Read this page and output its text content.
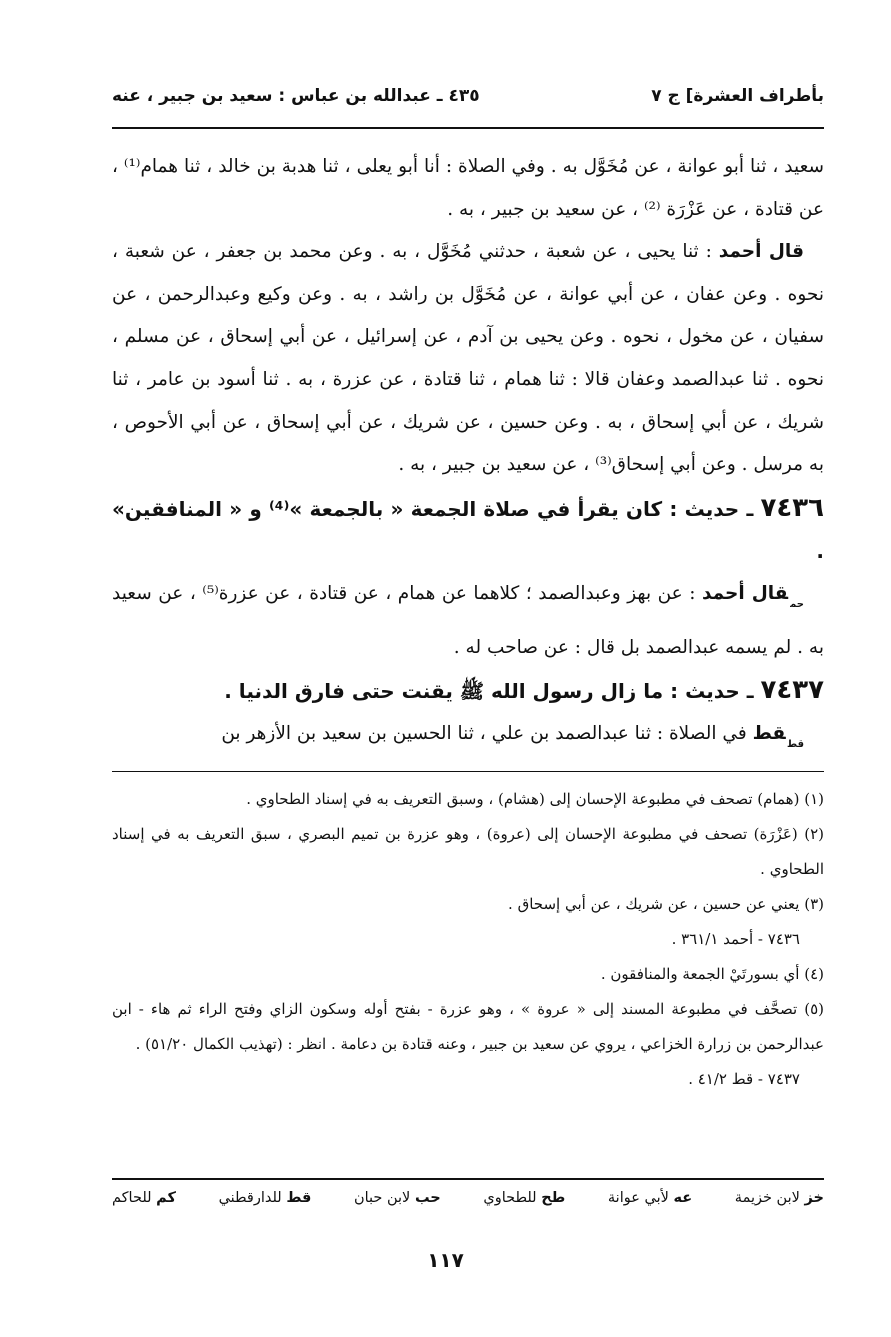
بأطراف العشرة] ج ٧
٤٣٥ ـ عبدالله بن عباس : سعيد بن جبير ، عنه

سعيد ، ثنا أبو عوانة ، عن مُخَوَّل به . وفي الصلاة : أنا أبو يعلى ، ثنا هدبة بن خالد ، ثنا همام⁽¹⁾ ، عن قتادة ، عن عَزْرَة ⁽²⁾ ، عن سعيد بن جبير ، به .

قال أحمد : ثنا يحيى ، عن شعبة ، حدثني مُخَوَّل ، به . وعن محمد بن جعفر ، عن شعبة ، نحوه . وعن عفان ، عن أبي عوانة ، عن مُخَوَّل بن راشد ، به . وعن وكيع وعبدالرحمن ، عن سفيان ، عن مخول ، نحوه . وعن يحيى بن آدم ، عن إسرائيل ، عن أبي إسحاق ، عن مسلم ، نحوه . ثنا عبدالصمد وعفان قالا : ثنا همام ، ثنا قتادة ، عن عزرة ، به . ثنا أسود بن عامر ، ثنا شريك ، عن أبي إسحاق ، به . وعن حسين ، عن شريك ، عن أبي إسحاق ، عن أبي الأحوص ، به مرسل . وعن أبي إسحاق⁽³⁾ ، عن سعيد بن جبير ، به .

٧٤٣٦ ـ حديث : كان يقرأ في صلاة الجمعة « بالجمعة »⁽⁴⁾ و « المنافقين» .

$_{حم}$قال أحمد : عن بهز وعبدالصمد ؛ كلاهما عن همام ، عن قتادة ، عن عزرة⁽⁵⁾ ، عن سعيد به . لم يسمه عبدالصمد بل قال : عن صاحب له .

٧٤٣٧ ـ حديث : ما زال رسول الله ﷺ يقنت حتى فارق الدنيا .

$_{قط}$قط في الصلاة : ثنا عبدالصمد بن علي ، ثنا الحسين بن سعيد بن الأزهر بن

(١) (همام) تصحف في مطبوعة الإحسان إلى (هشام) ، وسبق التعريف به في إسناد الطحاوي .

(٢) (عَزْرَة) تصحف في مطبوعة الإحسان إلى (عروة) ، وهو عزرة بن تميم البصري ، سبق التعريف به في إسناد الطحاوي .

(٣) يعني عن حسين ، عن شريك ، عن أبي إسحاق .

٧٤٣٦ - أحمد ٣٦١/١ .

(٤) أي بسورتَيْ الجمعة والمنافقون .

(٥) تصحَّف في مطبوعة المسند إلى « عروة » ، وهو عزرة - بفتح أوله وسكون الزاي وفتح الراء ثم هاء - ابن عبدالرحمن بن زرارة الخزاعي ، يروي عن سعيد بن جبير ، وعنه قتادة بن دعامة . انظر : (تهذيب الكمال ٥١/٢٠) .

٧٤٣٧ - قط ٤١/٢ .

خز لابن خزيمة
عه لأبي عوانة
طح للطحاوي
حب لابن حبان
قط للدارقطني
كم للحاكم
١١٧
